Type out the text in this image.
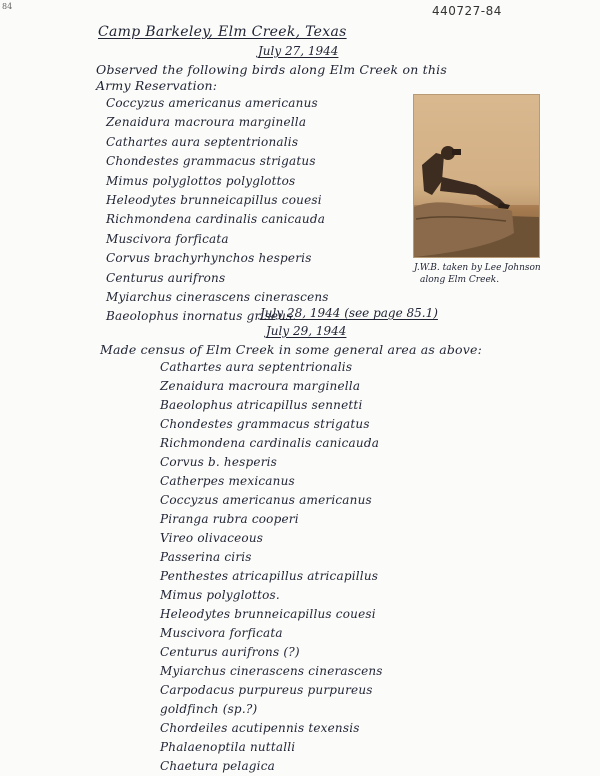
84	440727-84
Camp Barkeley, Elm Creek, Texas
July 27, 1944
Observed the following birds along Elm Creek on this
Army Reservation:
Coccyzus americanus americanus
Zenaidura macroura marginella
Cathartes aura septentrionalis
Chondestes grammacus strigatus
Mimus polyglottos polyglottos
Heleodytes brunneicapillus couesi
Richmondena cardinalis canicauda
Muscivora forficata
Corvus brachyrhynchos hesperis
Centurus aurifrons
Myiarchus cinerascens cinerascens
Baeolophus inornatus griseus.
J.W.B. taken by Lee Johnson
along Elm Creek.
July 28, 1944 (see page 85.1)
July 29, 1944
Made census of Elm Creek in some general area as above:
Cathartes aura septentrionalis
Zenaidura macroura marginella
Baeolophus atricapillus sennetti
Chondestes grammacus strigatus
Richmondena cardinalis canicauda
Corvus b. hesperis
Catherpes mexicanus
Coccyzus americanus americanus
Piranga rubra cooperi
Vireo olivaceous
Passerina ciris
Penthestes atricapillus atricapillus
Mimus polyglottos.
Heleodytes brunneicapillus couesi
Muscivora forficata
Centurus aurifrons (?)
Myiarchus cinerascens cinerascens
Carpodacus purpureus purpureus
goldfinch (sp.?)
Chordeiles acutipennis texensis
Phalaenoptila nuttalli
Chaetura pelagica
